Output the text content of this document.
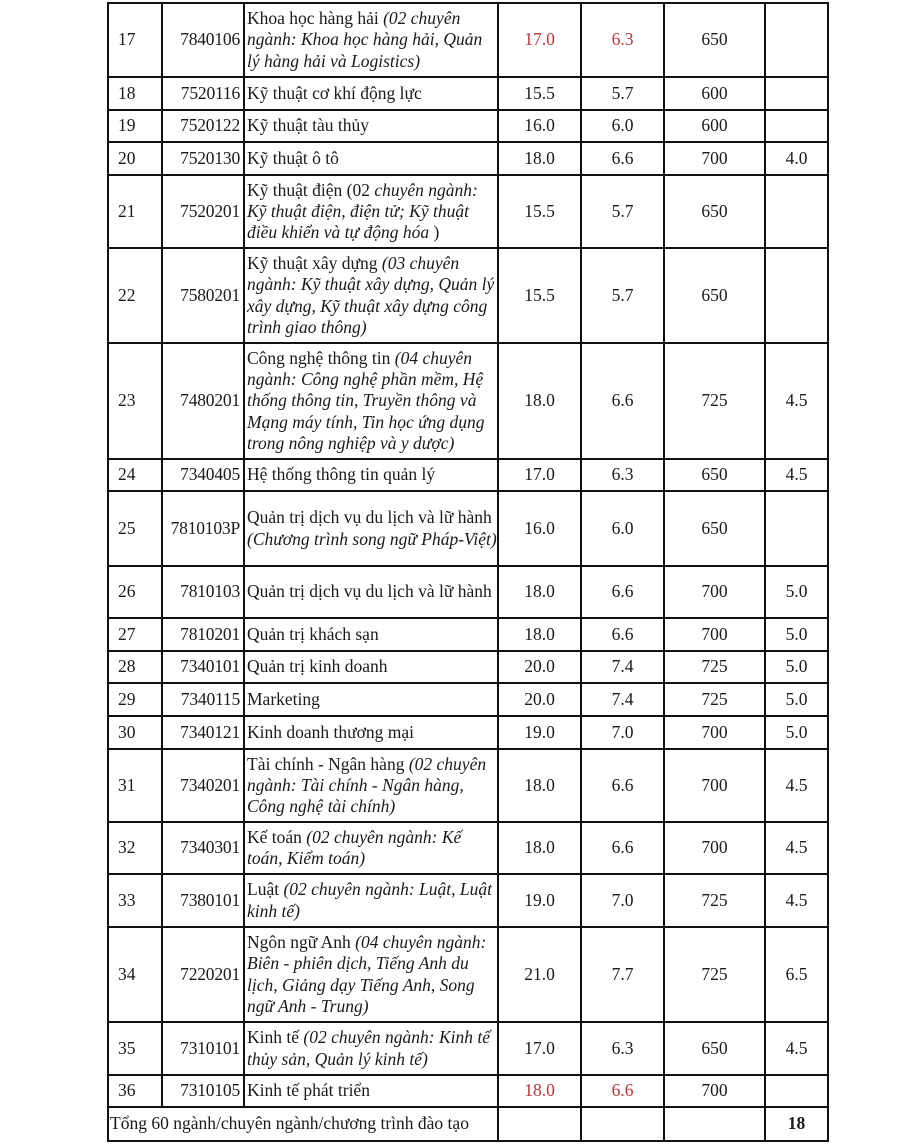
17	7840106	Khoa học hàng hải (02 chuyên ngành: Khoa học hàng hải, Quản lý hàng hải và Logistics)	17.0	6.3	650	
18	7520116	Kỹ thuật cơ khí động lực	15.5	5.7	600	
19	7520122	Kỹ thuật tàu thủy	16.0	6.0	600	
20	7520130	Kỹ thuật ô tô	18.0	6.6	700	4.0
21	7520201	Kỹ thuật điện (02 chuyên ngành: Kỹ thuật điện, điện tử; Kỹ thuật điều khiển và tự động hóa )	15.5	5.7	650	
22	7580201	Kỹ thuật xây dựng (03 chuyên ngành: Kỹ thuật xây dựng, Quản lý xây dựng, Kỹ thuật xây dựng công trình giao thông)	15.5	5.7	650	
23	7480201	Công nghệ thông tin (04 chuyên ngành: Công nghệ phần mềm, Hệ thống thông tin, Truyền thông và Mạng máy tính, Tin học ứng dụng trong nông nghiệp và y dược)	18.0	6.6	725	4.5
24	7340405	Hệ thống thông tin quản lý	17.0	6.3	650	4.5
25	7810103P	Quản trị dịch vụ du lịch và lữ hành (Chương trình song ngữ Pháp-Việt)	16.0	6.0	650	
26	7810103	Quản trị dịch vụ du lịch và lữ hành	18.0	6.6	700	5.0
27	7810201	Quản trị khách sạn	18.0	6.6	700	5.0
28	7340101	Quản trị kinh doanh	20.0	7.4	725	5.0
29	7340115	Marketing	20.0	7.4	725	5.0
30	7340121	Kinh doanh thương mại	19.0	7.0	700	5.0
31	7340201	Tài chính - Ngân hàng (02 chuyên ngành: Tài chính - Ngân hàng, Công nghệ tài chính)	18.0	6.6	700	4.5
32	7340301	Kế toán (02 chuyên ngành: Kế toán, Kiểm toán)	18.0	6.6	700	4.5
33	7380101	Luật (02 chuyên ngành: Luật, Luật kinh tế)	19.0	7.0	725	4.5
34	7220201	Ngôn ngữ Anh (04 chuyên ngành: Biên - phiên dịch, Tiếng Anh du lịch, Giảng dạy Tiếng Anh, Song ngữ Anh - Trung)	21.0	7.7	725	6.5
35	7310101	Kinh tế (02 chuyên ngành: Kinh tế thủy sản, Quản lý kinh tế)	17.0	6.3	650	4.5
36	7310105	Kinh tế phát triển	18.0	6.6	700	
Tổng 60 ngành/chuyên ngành/chương trình đào tạo						18
